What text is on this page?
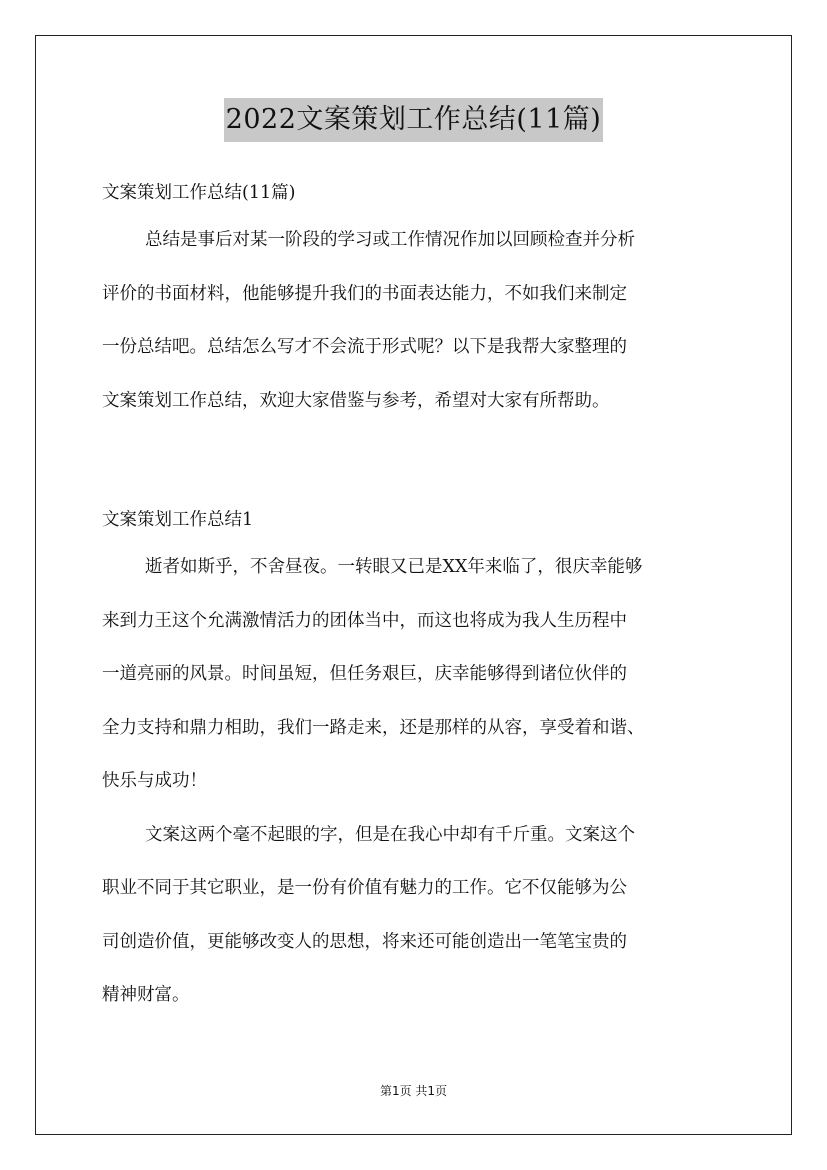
2022文案策划工作总结(11篇)
文案策划工作总结(11篇)
总结是事后对某一阶段的学习或工作情况作加以回顾检查并分析
评价的书面材料，他能够提升我们的书面表达能力，不如我们来制定
一份总结吧。总结怎么写才不会流于形式呢？以下是我帮大家整理的
文案策划工作总结，欢迎大家借鉴与参考，希望对大家有所帮助。
文案策划工作总结1
逝者如斯乎，不舍昼夜。一转眼又已是XX年来临了，很庆幸能够
来到力王这个允满激情活力的团体当中，而这也将成为我人生历程中
一道亮丽的风景。时间虽短，但任务艰巨，庆幸能够得到诸位伙伴的
全力支持和鼎力相助，我们一路走来，还是那样的从容，享受着和谐、
快乐与成功！
文案这两个毫不起眼的字，但是在我心中却有千斤重。文案这个
职业不同于其它职业，是一份有价值有魅力的工作。它不仅能够为公
司创造价值，更能够改变人的思想，将来还可能创造出一笔笔宝贵的
精神财富。
第1页 共1页
